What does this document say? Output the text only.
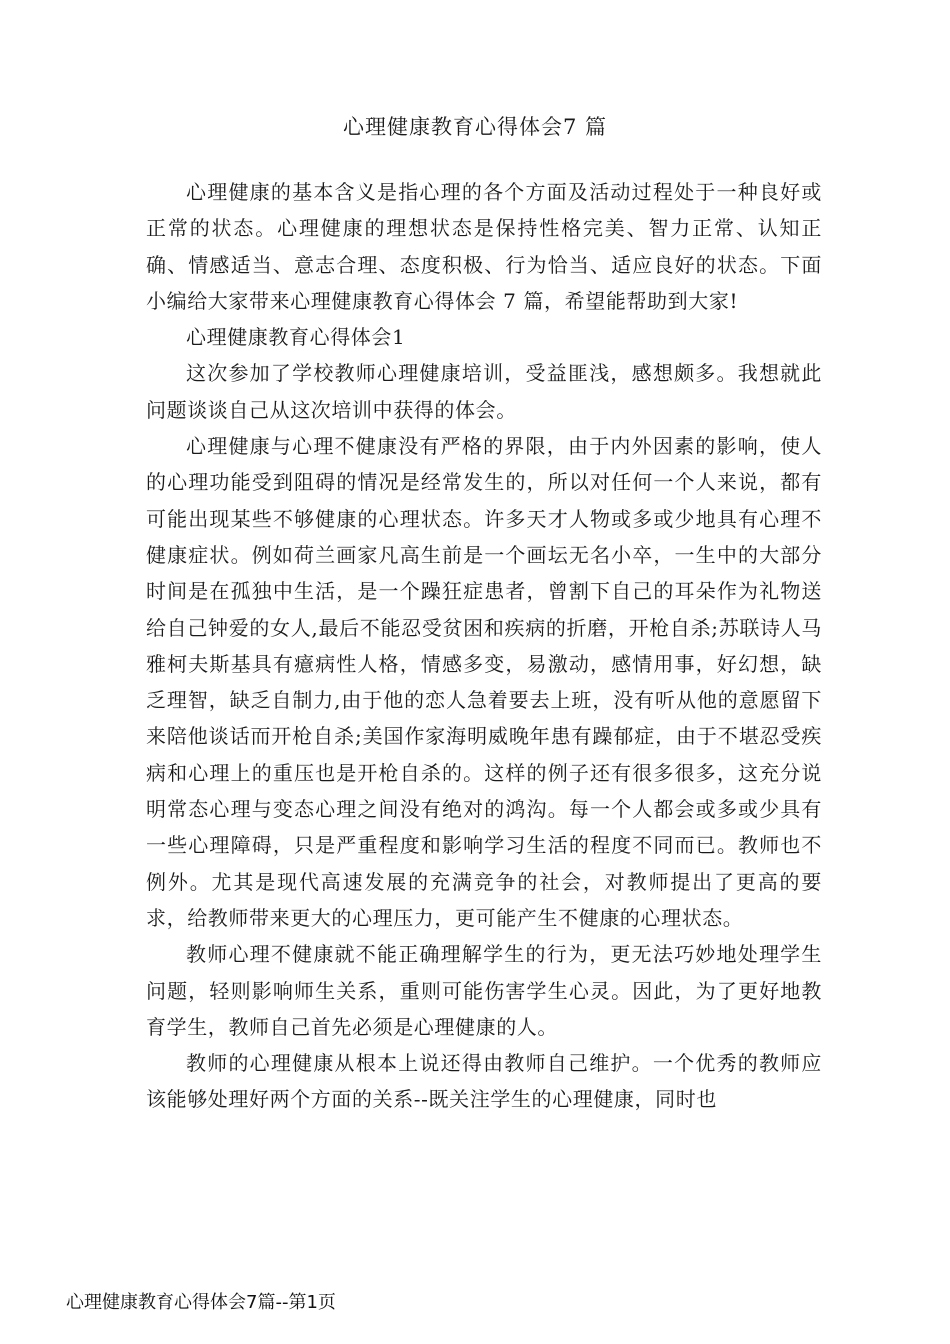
心理健康教育心得体会7 篇

心理健康的基本含义是指心理的各个方面及活动过程处于一种良好或正常的状态。心理健康的理想状态是保持性格完美、智力正常、认知正确、情感适当、意志合理、态度积极、行为恰当、适应良好的状态。下面小编给大家带来心理健康教育心得体会 7 篇，希望能帮助到大家!

心理健康教育心得体会1

这次参加了学校教师心理健康培训，受益匪浅，感想颇多。我想就此问题谈谈自己从这次培训中获得的体会。

心理健康与心理不健康没有严格的界限，由于内外因素的影响，使人的心理功能受到阻碍的情况是经常发生的，所以对任何一个人来说，都有可能出现某些不够健康的心理状态。许多天才人物或多或少地具有心理不健康症状。例如荷兰画家凡高生前是一个画坛无名小卒，一生中的大部分时间是在孤独中生活，是一个躁狂症患者，曾割下自己的耳朵作为礼物送给自己钟爱的女人,最后不能忍受贫困和疾病的折磨，开枪自杀;苏联诗人马雅柯夫斯基具有癔病性人格，情感多变，易激动，感情用事，好幻想，缺乏理智，缺乏自制力,由于他的恋人急着要去上班，没有听从他的意愿留下来陪他谈话而开枪自杀;美国作家海明威晚年患有躁郁症，由于不堪忍受疾病和心理上的重压也是开枪自杀的。这样的例子还有很多很多，这充分说明常态心理与变态心理之间没有绝对的鸿沟。每一个人都会或多或少具有一些心理障碍，只是严重程度和影响学习生活的程度不同而已。教师也不例外。尤其是现代高速发展的充满竞争的社会，对教师提出了更高的要求，给教师带来更大的心理压力，更可能产生不健康的心理状态。

教师心理不健康就不能正确理解学生的行为，更无法巧妙地处理学生问题，轻则影响师生关系，重则可能伤害学生心灵。因此，为了更好地教育学生，教师自己首先必须是心理健康的人。

教师的心理健康从根本上说还得由教师自己维护。一个优秀的教师应该能够处理好两个方面的关系--既关注学生的心理健康，同时也

心理健康教育心得体会7篇--第1页
